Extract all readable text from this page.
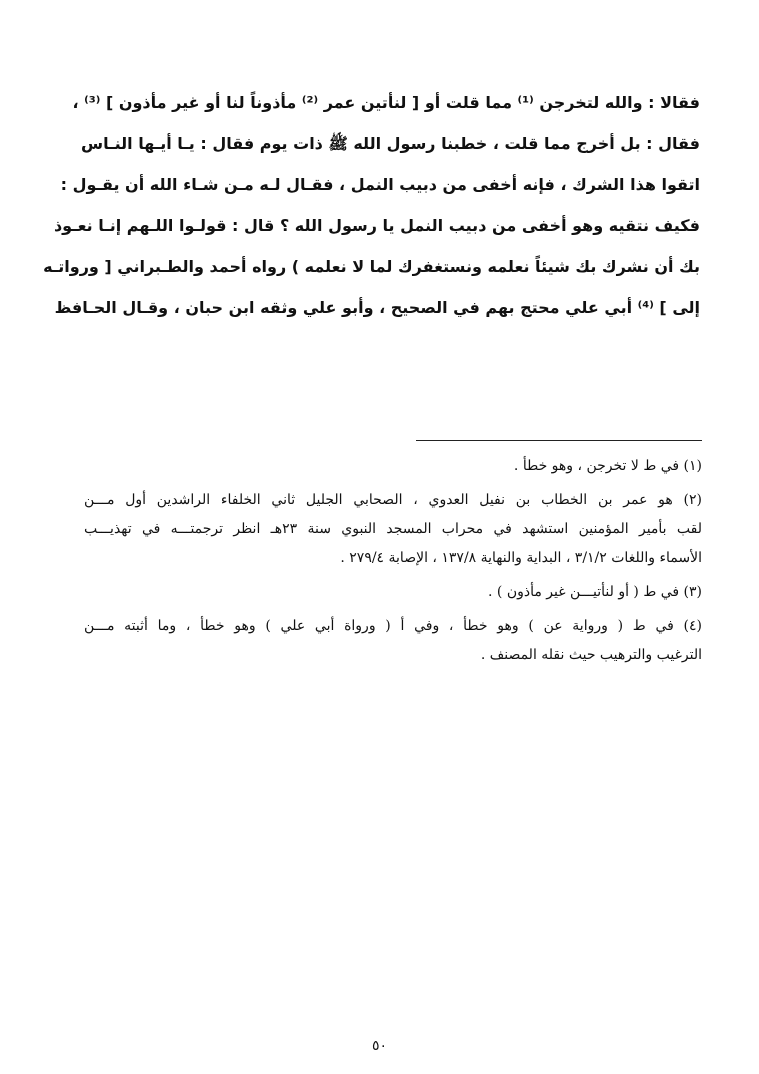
فقالا : والله لتخرجن ⁽¹⁾ مما قلت أو [ لنأتين عمر ⁽²⁾ مأذوناً لنا أو غير مأذون ] ⁽³⁾ ،
فقال : بل أخرج مما قلت ، خطبنا رسول الله ﷺ ذات يوم فقال : يـا أيـها النـاس
اتقوا هذا الشرك ، فإنه أخفى من دبيب النمل ، فقـال لـه مـن شـاء الله أن يقـول :
فكيف نتقيه وهو أخفى من دبيب النمل يا رسول الله ؟ قال : قولـوا اللـهم إنـا نعـوذ
بك أن نشرك بك شيئاً نعلمه ونستغفرك لما لا نعلمه ) رواه أحمد والطـبراني [ ورواتـه
إلى ] ⁽⁴⁾ أبي علي محتج بهم في الصحيح ، وأبو علي وثقه ابن حبان ، وقـال الحـافظ
(١) في ط لا تخرجن ، وهو خطأ .
(٢) هو عمر بن الخطاب بن نفيل العدوي ، الصحابي الجليل ثاني الخلفاء الراشدين أول مـــن
لقب بأمير المؤمنين استشهد في محراب المسجد النبوي سنة ٢٣هـ انظر ترجمتـــه في تهذيـــب
الأسماء واللغات ٣/١/٢ ، البداية والنهاية ١٣٧/٨ ، الإصابة ٢٧٩/٤ .
(٣) في ط ( أو لنأتيـــن غير مأذون ) .
(٤) في ط ( ورواية عن ) وهو خطأ ، وفي أ ( ورواة أبي علي ) وهو خطأ ، وما أثبته مـــن
الترغيب والترهيب حيث نقله المصنف .
٥٠
